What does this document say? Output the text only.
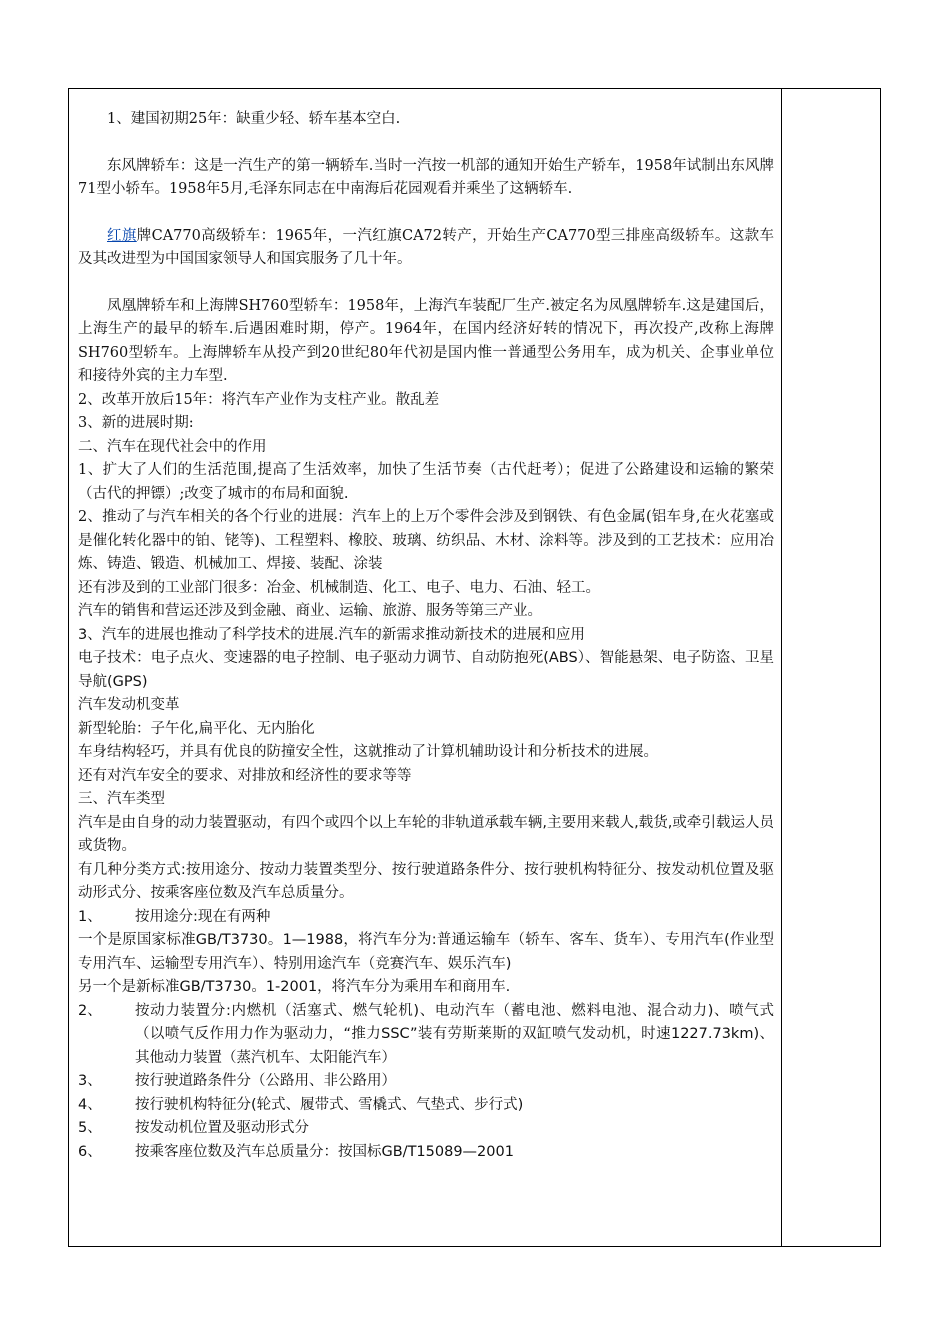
1、建国初期25年：缺重少轻、轿车基本空白.

东风牌轿车：这是一汽生产的第一辆轿车.当时一汽按一机部的通知开始生产轿车，1958年试制出东风牌71型小轿车。1958年5月,毛泽东同志在中南海后花园观看并乘坐了这辆轿车.

红旗牌CA770高级轿车：1965年，一汽红旗CA72转产，开始生产CA770型三排座高级轿车。这款车及其改进型为中国国家领导人和国宾服务了几十年。

凤凰牌轿车和上海牌SH760型轿车：1958年，上海汽车装配厂生产.被定名为凤凰牌轿车.这是建国后，上海生产的最早的轿车.后遇困难时期，停产。1964年，在国内经济好转的情况下，再次投产,改称上海牌SH760型轿车。上海牌轿车从投产到20世纪80年代初是国内惟一普通型公务用车，成为机关、企事业单位和接待外宾的主力车型.

2、改革开放后15年：将汽车产业作为支柱产业。散乱差

3、新的进展时期:

二、汽车在现代社会中的作用

1、扩大了人们的生活范围,提高了生活效率，加快了生活节奏（古代赶考）；促进了公路建设和运输的繁荣（古代的押镖）;改变了城市的布局和面貌.

2、推动了与汽车相关的各个行业的进展：汽车上的上万个零件会涉及到钢铁、有色金属(铝车身,在火花塞或是催化转化器中的铂、铑等)、工程塑料、橡胶、玻璃、纺织品、木材、涂料等。涉及到的工艺技术：应用冶炼、铸造、锻造、机械加工、焊接、装配、涂装

还有涉及到的工业部门很多：冶金、机械制造、化工、电子、电力、石油、轻工。

汽车的销售和营运还涉及到金融、商业、运输、旅游、服务等第三产业。

3、汽车的进展也推动了科学技术的进展.汽车的新需求推动新技术的进展和应用

电子技术：电子点火、变速器的电子控制、电子驱动力调节、自动防抱死(ABS）、智能悬架、电子防盗、卫星导航(GPS)

汽车发动机变革

新型轮胎：子午化,扁平化、无内胎化

车身结构轻巧，并具有优良的防撞安全性，这就推动了计算机辅助设计和分析技术的进展。

还有对汽车安全的要求、对排放和经济性的要求等等

三、汽车类型

汽车是由自身的动力装置驱动，有四个或四个以上车轮的非轨道承载车辆,主要用来载人,载货,或牵引载运人员或货物。

有几种分类方式:按用途分、按动力装置类型分、按行驶道路条件分、按行驶机构特征分、按发动机位置及驱动形式分、按乘客座位数及汽车总质量分。

1、	按用途分:现在有两种

一个是原国家标准GB/T3730。1—1988，将汽车分为:普通运输车（轿车、客车、货车）、专用汽车(作业型专用汽车、运输型专用汽车）、特别用途汽车（竞赛汽车、娱乐汽车)

另一个是新标准GB/T3730。1-2001，将汽车分为乘用车和商用车.

2、	按动力装置分:内燃机（活塞式、燃气轮机)、电动汽车（蓄电池、燃料电池、混合动力)、喷气式（以喷气反作用力作为驱动力，“推力SSC”装有劳斯莱斯的双缸喷气发动机，时速1227.73km)、其他动力装置（蒸汽机车、太阳能汽车）
3、	按行驶道路条件分（公路用、非公路用）
4、	按行驶机构特征分(轮式、履带式、雪橇式、气垫式、步行式)
5、	按发动机位置及驱动形式分
6、	按乘客座位数及汽车总质量分：按国标GB/T15089—2001
